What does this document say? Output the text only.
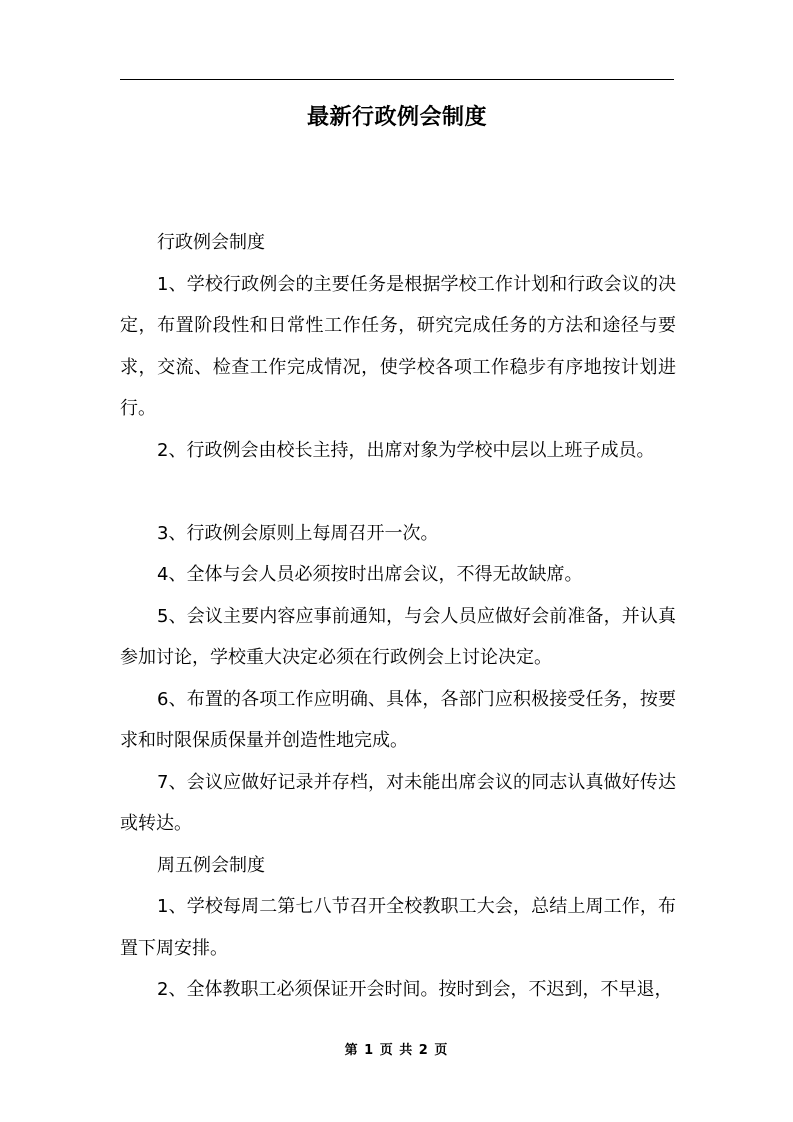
最新行政例会制度

行政例会制度

1、学校行政例会的主要任务是根据学校工作计划和行政会议的决定，布置阶段性和日常性工作任务，研究完成任务的方法和途径与要求，交流、检查工作完成情况，使学校各项工作稳步有序地按计划进行。

2、行政例会由校长主持，出席对象为学校中层以上班子成员。

3、行政例会原则上每周召开一次。

4、全体与会人员必须按时出席会议，不得无故缺席。

5、会议主要内容应事前通知，与会人员应做好会前准备，并认真参加讨论，学校重大决定必须在行政例会上讨论决定。

6、布置的各项工作应明确、具体，各部门应积极接受任务，按要求和时限保质保量并创造性地完成。

7、会议应做好记录并存档，对未能出席会议的同志认真做好传达或转达。

周五例会制度

1、学校每周二第七八节召开全校教职工大会，总结上周工作，布置下周安排。

2、全体教职工必须保证开会时间。按时到会，不迟到，不早退，

第 1 页 共 2 页
